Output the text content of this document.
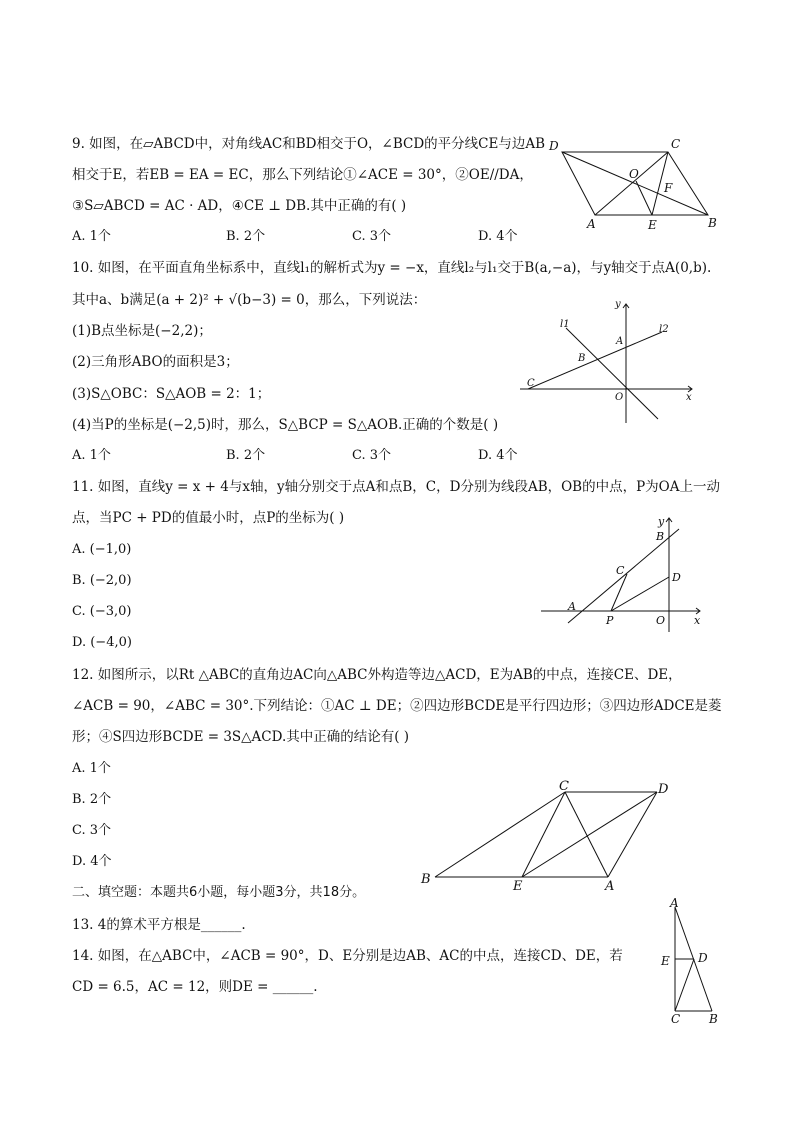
9. 如图，在▱ABCD中，对角线AC和BD相交于O，∠BCD的平分线CE与边AB
相交于E，若EB = EA = EC，那么下列结论①∠ACE = 30°，②OE//DA，
③S▱ABCD = AC · AD，④CE ⊥ DB.其中正确的有( )
A. 1个	B. 2个	C. 3个	D. 4个
D	C
O
F
A	E	B
10. 如图，在平面直角坐标系中，直线l₁的解析式为y = −x，直线l₂与l₁交于B(a,−a)，与y轴交于点A(0,b).
其中a、b满足(a + 2)² + √(b−3) = 0，那么，下列说法：
(1)B点坐标是(−2,2)；
(2)三角形ABO的面积是3；
(3)S△OBC：S△AOB = 2：1；
(4)当P的坐标是(−2,5)时，那么，S△BCP = S△AOB.正确的个数是( )
A. 1个	B. 2个	C. 3个	D. 4个
y
l1	l2
A
B
C
O	x
11. 如图，直线y = x + 4与x轴，y轴分别交于点A和点B，C，D分别为线段AB，OB的中点，P为OA上一动
点，当PC + PD的值最小时，点P的坐标为( )
A. (−1,0)
B. (−2,0)
C. (−3,0)
D. (−4,0)
y
B
C
D
A
P	O	x
12. 如图所示，以Rt △ABC的直角边AC向△ABC外构造等边△ACD，E为AB的中点，连接CE、DE，
∠ACB = 90，∠ABC = 30°.下列结论：①AC ⊥ DE；②四边形BCDE是平行四边形；③四边形ADCE是菱
形；④S四边形BCDE = 3S△ACD.其中正确的结论有( )
A. 1个
B. 2个
C. 3个
D. 4个
C	D
B	E	A
二、填空题：本题共6小题，每小题3分，共18分。
13. 4的算术平方根是______.
14. 如图，在△ABC中，∠ACB = 90°，D、E分别是边AB、AC的中点，连接CD、DE，若
CD = 6.5，AC = 12，则DE = ______.
A
E D
C B
